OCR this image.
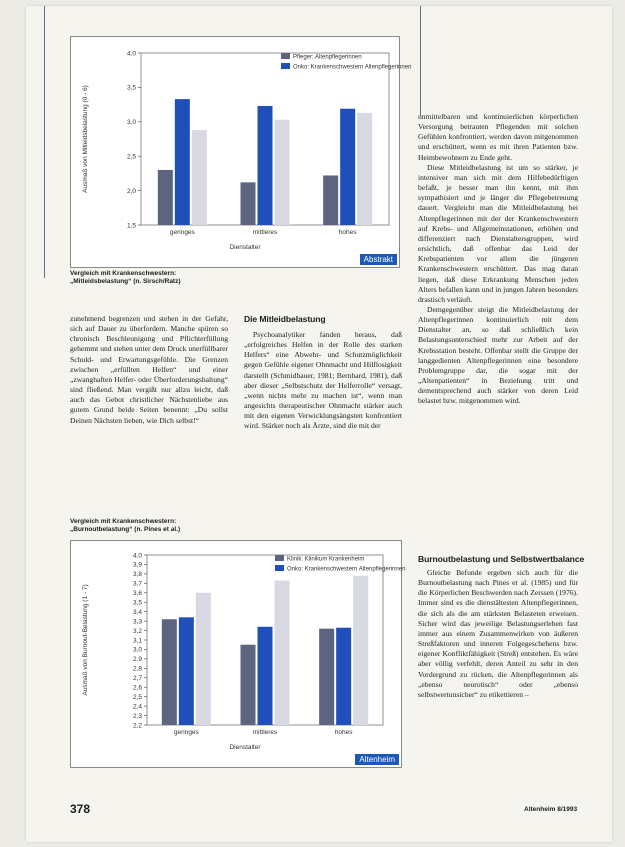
1,5
2,0
2,5
3,0
3,5
4,0
geringes	mittleres	hohes
Dienstalter
Ausmaß von Mitleidsbelastung (0 - 6)
Pfleger: Altenpflegerinnen
Onko: Krankenschwestern Altenpflegerinnen
Abstrakt
Vergleich mit Krankenschwestern:
„Mitleidsbelastung“ (n. Sirsch/Ratz)

zunehmend begrenzen und stehen in der Gefahr, sich auf Dauer zu überfordern. Manche spüren so chronisch Beschleunigung und Pflichterfüllung gehemmt und stehen unter dem Druck unerfüllbarer Schuld- und Erwartungsgefühle. Die Grenzen zwischen „erfüllten Helfen“ und einer „zwanghaften Helfer- oder Überforderungshaltung“ sind fließend. Man vergißt nur allzu leicht, daß auch das Gebot christlicher Nächstenliebe aus gutem Grund beide Seiten benennt: „Du sollst Deinen Nächsten lieben, wie Dich selbst!“

Die Mitleidbelastung

Psychoanalytiker fanden heraus, daß „erfolgreiches Helfen in der Rolle des starken Helfers“ eine Abwehr- und Schutzmöglichkeit gegen Gefühle eigener Ohnmacht und Hilflosigkeit darstellt (Schmidbauer, 1981; Bernhard, 1981), daß aber dieser „Selbstschutz der Helferrolle“ versagt, „wenn nichts mehr zu machen ist“, wenn man angesichts therapeutischer Ohnmacht stärker auch mit den eigenen Verwicklungsängsten konfrontiert wird. Stärker noch als Ärzte, sind die mit der

unmittelbaren und kontinuierlichen körperlichen Versorgung betrauten Pflegenden mit solchen Gefühlen konfrontiert, werden davon mitgenommen und erschüttert, wenn es mit ihren Patienten bzw. Heimbewohnern zu Ende geht.

Diese Mitleidbelastung ist um so stärker, je intensiver man sich mit dem Hilfebedürftigen befaßt, je besser man ihn kennt, mit ihm sympathisiert und je länger die Pflegebetreuung dauert. Vergleicht man die Mitleidbelastung bei Altenpflegerinnen mit der der Krankenschwestern auf Krebs- und Allgemeinstationen, erhöhen und differenziert nach Dienstaltersgruppen, wird ersichtlich, daß offenbar das Leid der Krebspatienten vor allem die jüngeren Krankenschwestern erschüttert. Das mag daran liegen, daß diese Erkrankung Menschen jeden Alters befallen kann und in jungen Jahren besonders drastisch verläuft.

Demgegenüber steigt die Mitleidbelastung der Altenpflegerinnen kontinuierlich mit dem Dienstalter an, so daß schließlich kein Belastungsunterschied mehr zur Arbeit auf der Krebsstation besteht. Offenbar stellt die Gruppe der langgedienten Altenpflegerinnen eine besondere Problemgruppe dar, die sogar mit der „Altenpatienten“ in Beziehung tritt und dementsprechend auch stärker von deren Leid belastet bzw. mitgenommen wird.

Burnoutbelastung und Selbstwertbalance

Gleiche Befunde ergeben sich auch für die Burnoutbelastung nach Pines et al. (1985) und für die Körperlichen Beschwerden nach Zerssen (1976). Immer sind es die dienstältesten Altenpflegerinnen, die sich als die am stärksten Belasteten erweisen. Sicher wird das jeweilige Belastungserleben fast immer aus einem Zusammenwirken von äußeren Streßfaktoren und inneren Folgegeschehens bzw. eigener Konfliktfähigkeit (Streß) entstehen. Es wäre aber völlig verfehlt, deren Anteil zu sehr in den Vordergrund zu rücken, die Altenpflegerinnen als „ebenso neurotisch“ oder „ebenso selbstwertunsicher“ zu etikettieren –

Vergleich mit Krankenschwestern:
„Burnoutbelastung“ (n. Pines et al.)
2,2
2,3
2,4
2,5
2,6
2,7
2,8
2,9
3,0
3,1
3,2
3,3
3,4
3,5
3,6
3,7
3,8
3,9
4,0
geringes	mittleres	hohes
Dienstalter
Ausmaß von Burnout-Belastung (1 - 7)
Klinik: Klinikum Krankenheim
Onko: Krankenschwestern Altenpflegerinnen
Altenheim
378	Altenheim 8/1993
